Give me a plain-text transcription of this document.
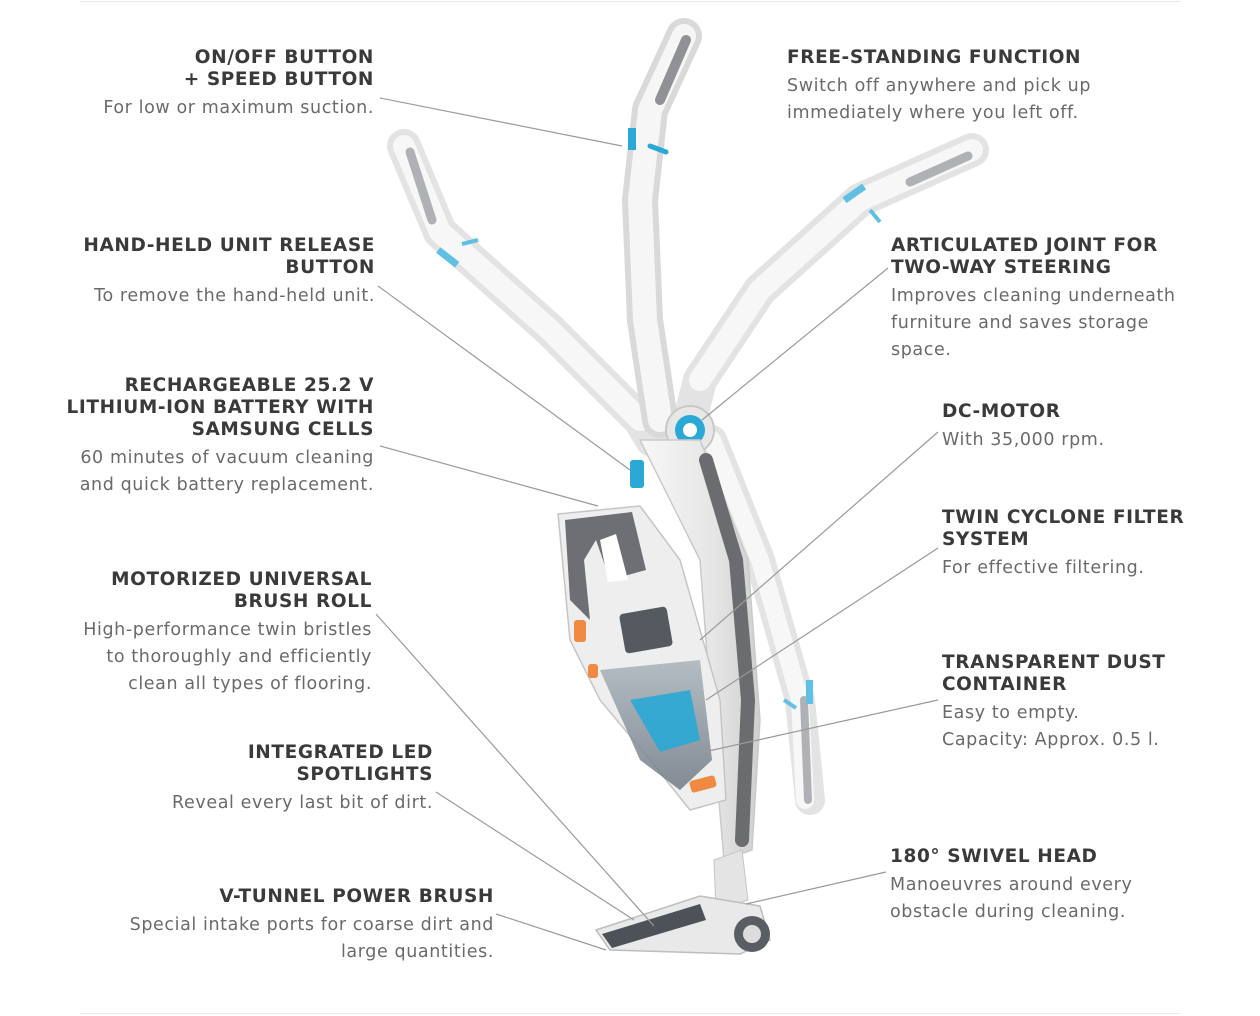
ON/OFF BUTTON
+ SPEED BUTTON
For low or maximum suction.
HAND-HELD UNIT RELEASE
BUTTON
To remove the hand-held unit.
RECHARGEABLE 25.2 V
LITHIUM-ION BATTERY WITH
SAMSUNG CELLS
60 minutes of vacuum cleaning
and quick battery replacement.
MOTORIZED UNIVERSAL
BRUSH ROLL
High-performance twin bristles
to thoroughly and efficiently
clean all types of flooring.
INTEGRATED LED
SPOTLIGHTS
Reveal every last bit of dirt.
V-TUNNEL POWER BRUSH
Special intake ports for coarse dirt and
large quantities.
FREE-STANDING FUNCTION
Switch off anywhere and pick up
immediately where you left off.
ARTICULATED JOINT FOR
TWO-WAY STEERING
Improves cleaning underneath
furniture and saves storage
space.
DC-MOTOR
With 35,000 rpm.
TWIN CYCLONE FILTER
SYSTEM
For effective filtering.
TRANSPARENT DUST
CONTAINER
Easy to empty.
Capacity: Approx. 0.5 l.
180° SWIVEL HEAD
Manoeuvres around every
obstacle during cleaning.
